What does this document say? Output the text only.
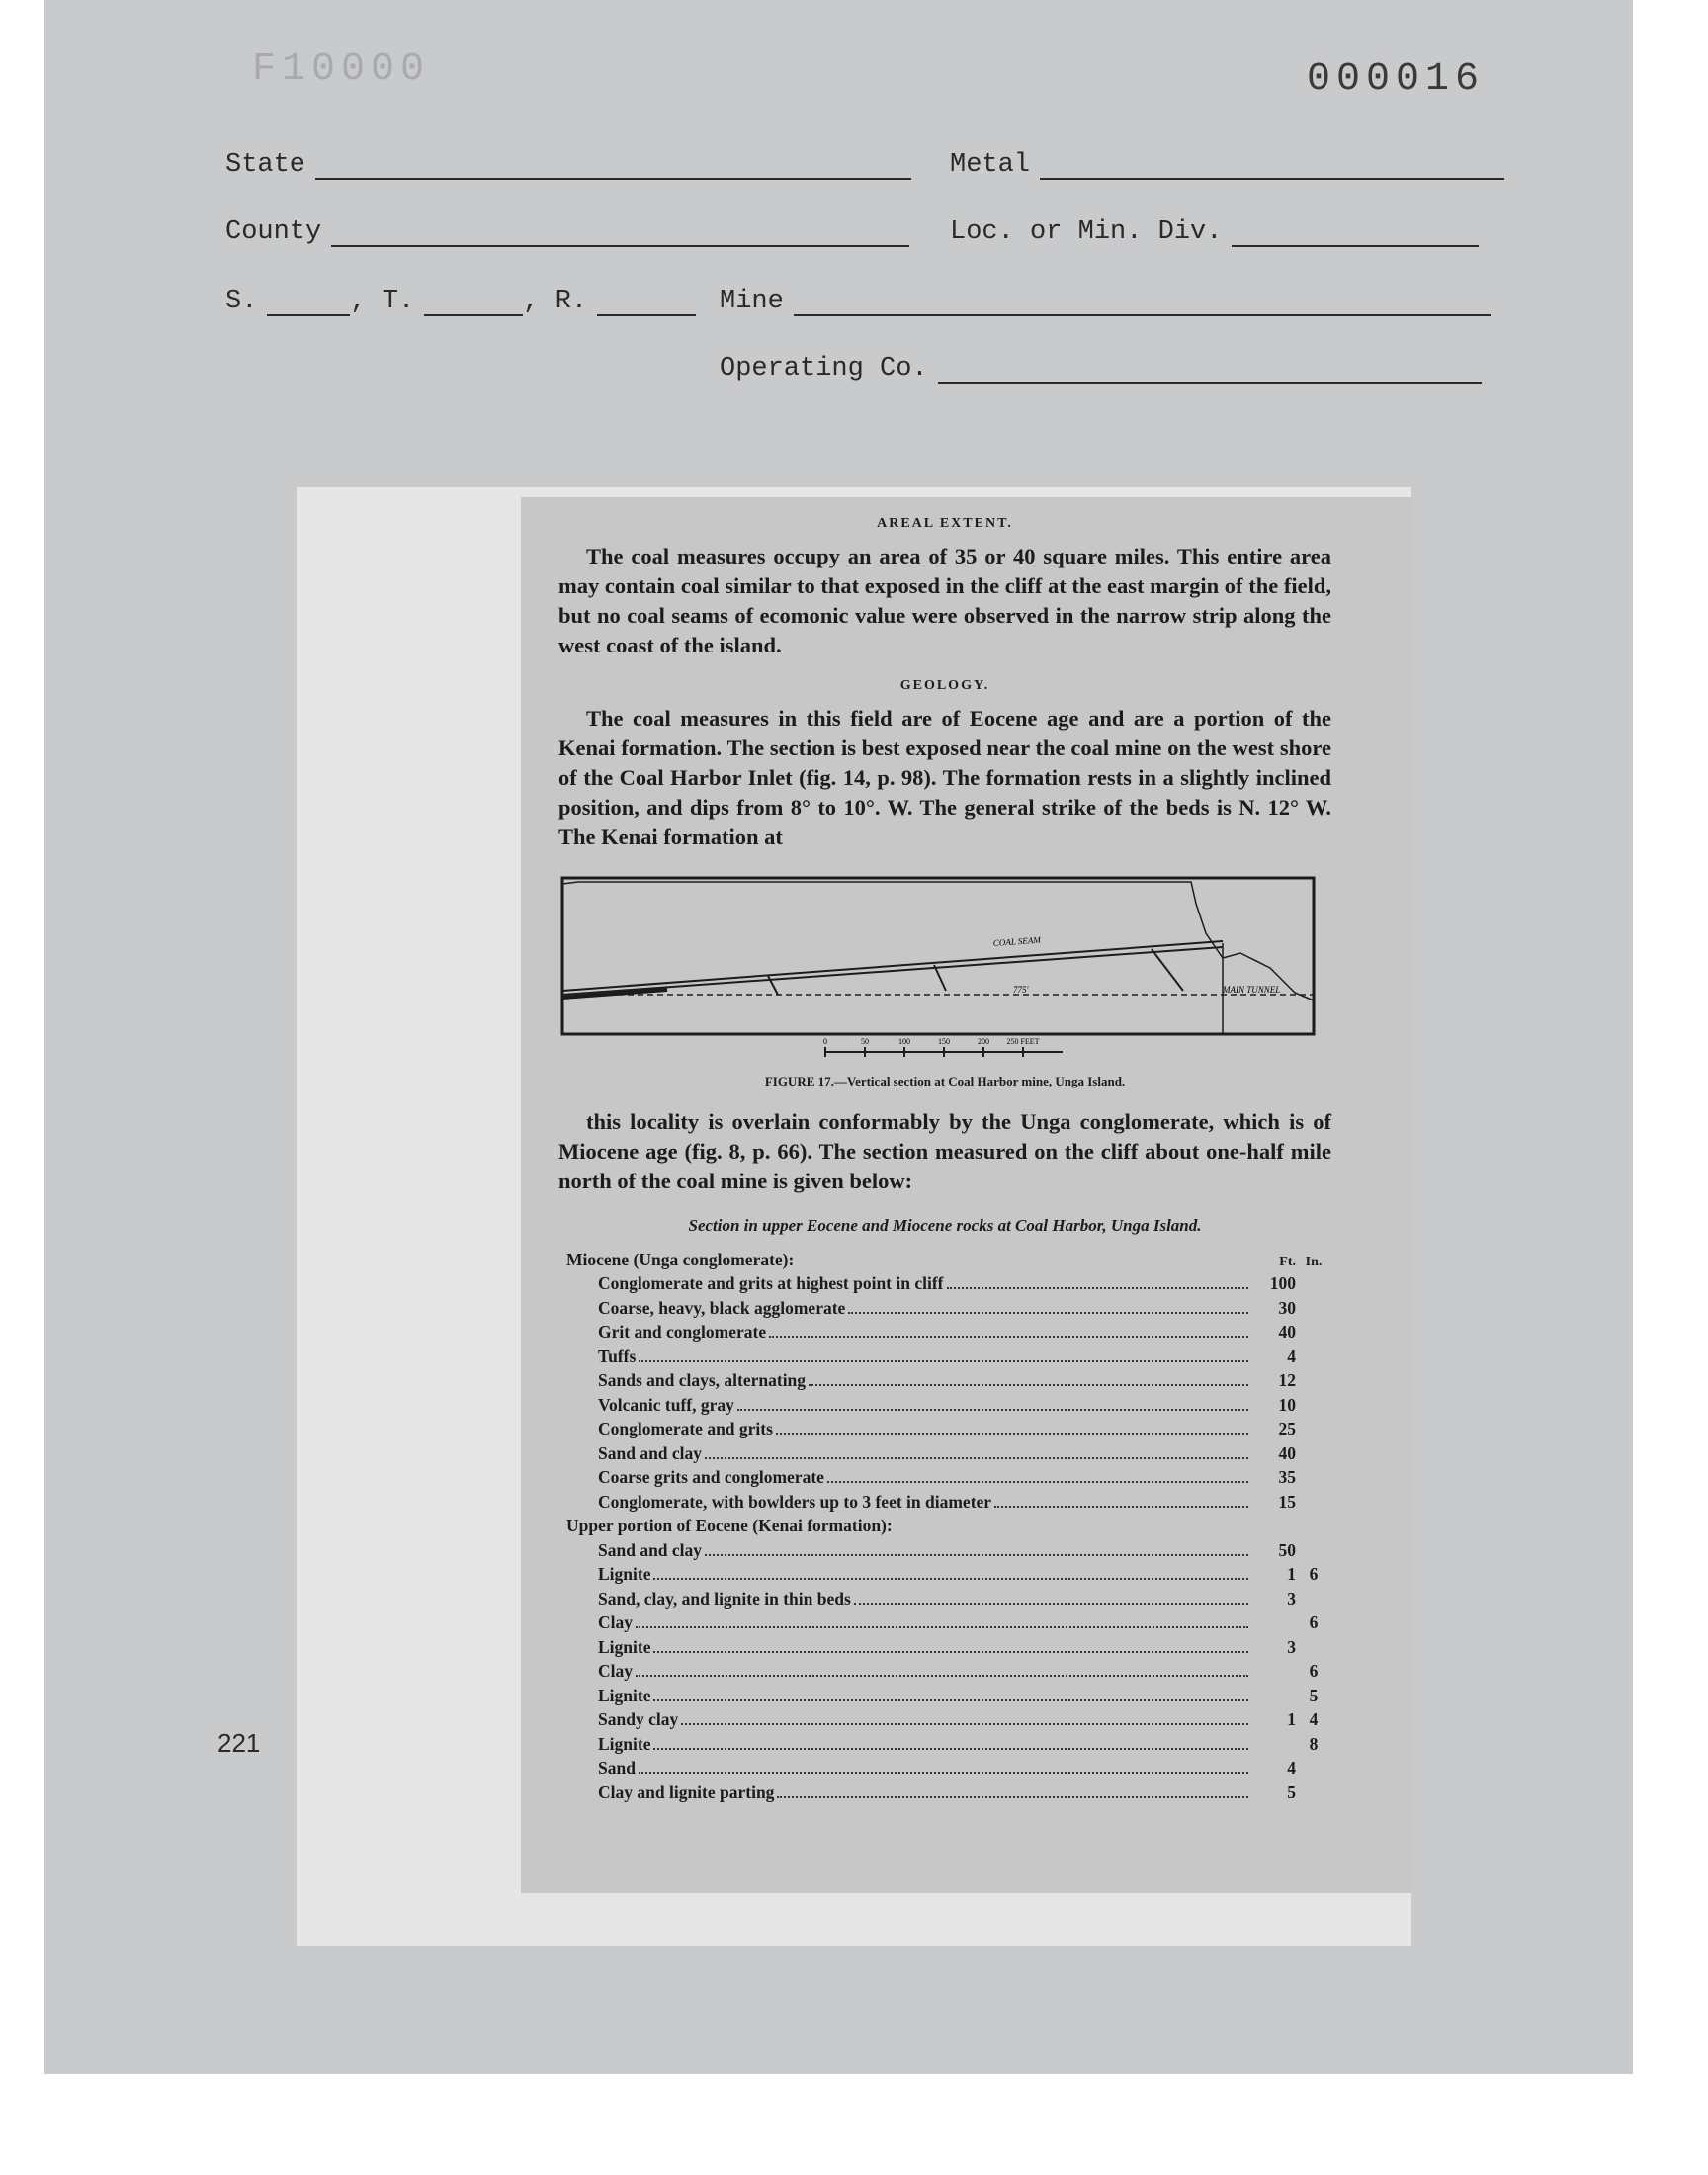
F10000	000016
State	Metal
County	Loc. or Min. Div.
S.	, T.	, R.	Mine
Operating Co.
221
AREAL EXTENT.

The coal measures occupy an area of 35 or 40 square miles. This entire area may contain coal similar to that exposed in the cliff at the east margin of the field, but no coal seams of ecomonic value were observed in the narrow strip along the west coast of the island.

GEOLOGY.

The coal measures in this field are of Eocene age and are a portion of the Kenai formation. The section is best exposed near the coal mine on the west shore of the Coal Harbor Inlet (fig. 14, p. 98). The formation rests in a slightly inclined position, and dips from 8° to 10°. W. The general strike of the beds is N. 12° W. The Kenai formation at

COAL SEAM
775'	MAIN TUNNEL
0	50	100	150	200 250 FEET
FIGURE 17.—Vertical section at Coal Harbor mine, Unga Island.

this locality is overlain conformably by the Unga conglomerate, which is of Miocene age (fig. 8, p. 66). The section measured on the cliff about one-half mile north of the coal mine is given below:

Section in upper Eocene and Miocene rocks at Coal Harbor, Unga Island.
Miocene (Unga conglomerate):	Ft.	In.

Conglomerate and grits at highest point in cliff	100	

Coarse, heavy, black agglomerate	30	

Grit and conglomerate	40	

Tuffs	4	

Sands and clays, alternating	12	

Volcanic tuff, gray	10	

Conglomerate and grits	25	

Sand and clay	40	

Coarse grits and conglomerate	35	

Conglomerate, with bowlders up to 3 feet in diameter	15	
Upper portion of Eocene (Kenai formation):		

Sand and clay	50	

Lignite	1	6

Sand, clay, and lignite in thin beds	3	

Clay		6

Lignite	3	

Clay		6

Lignite		5

Sandy clay	1	4

Lignite		8

Sand	4	

Clay and lignite parting	5	
